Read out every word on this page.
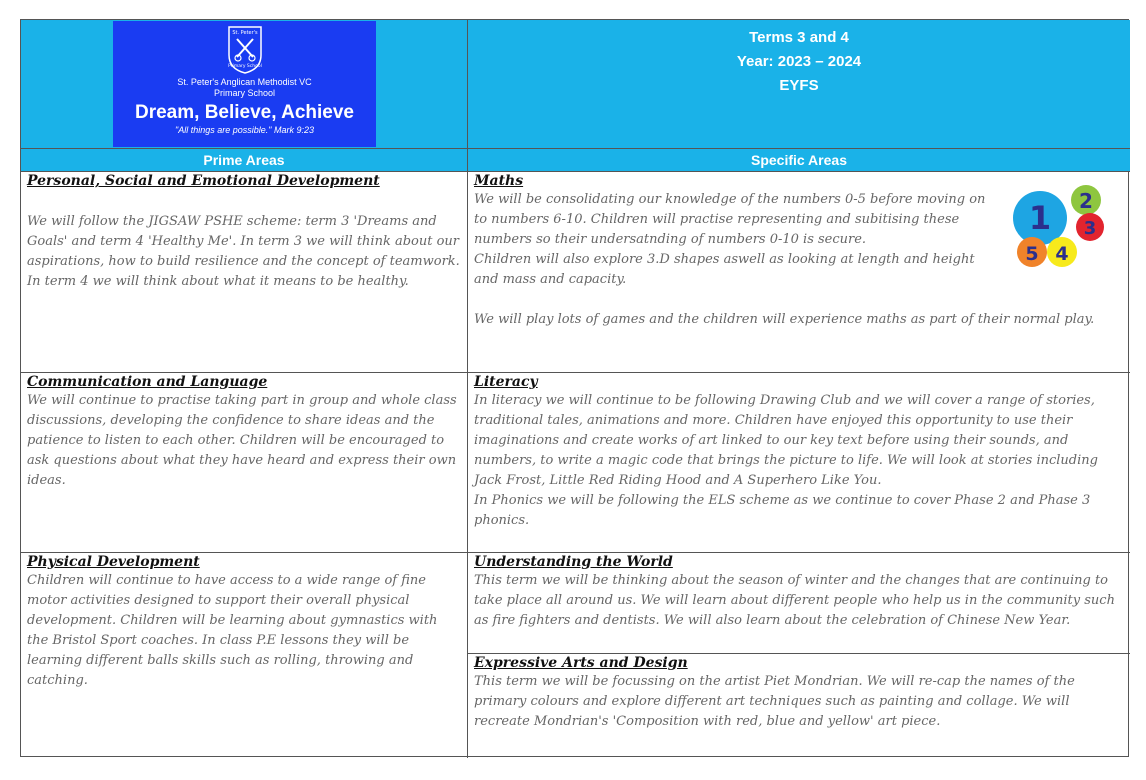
St. Peter's
Primary School
St. Peter's Anglican Methodist VC
Primary School
Dream, Believe, Achieve
"All things are possible." Mark 9:23
Terms 3 and 4
Year: 2023 – 2024
EYFS
Prime Areas	Specific Areas
Personal, Social and Emotional Development
We will follow the JIGSAW PSHE scheme: term 3 'Dreams and Goals' and term 4 'Healthy Me'. In term 3 we will think about our aspirations, how to build resilience and the concept of teamwork. In term 4 we will think about what it means to be healthy.
Maths

We will be consolidating our knowledge of the numbers 0-5 before moving on to numbers 6-10. Children will practise representing and subitising these numbers so their undersatnding of numbers 0-10 is secure.

Children will also explore 3.D shapes aswell as looking at length and height and mass and capacity.

We will play lots of games and the children will experience maths as part of their normal play.
1 2
3
4
5
Communication and Language
We will continue to practise taking part in group and whole class discussions, developing the confidence to share ideas and the patience to listen to each other. Children will be encouraged to ask questions about what they have heard and express their own ideas.
Literacy

In literacy we will continue to be following Drawing Club and we will cover a range of stories, traditional tales, animations and more. Children have enjoyed this opportunity to use their imaginations and create works of art linked to our key text before using their sounds, and numbers, to write a magic code that brings the picture to life. We will look at stories including Jack Frost, Little Red Riding Hood and A Superhero Like You.

In Phonics we will be following the ELS scheme as we continue to cover Phase 2 and Phase 3 phonics.

Physical Development
Children will continue to have access to a wide range of fine motor activities designed to support their overall physical development. Children will be learning about gymnastics with the Bristol Sport coaches. In class P.E lessons they will be learning different balls skills such as rolling, throwing and catching.
Understanding the World
This term we will be thinking about the season of winter and the changes that are continuing to take place all around us. We will learn about different people who help us in the community such as fire fighters and dentists. We will also learn about the celebration of Chinese New Year.
Expressive Arts and Design
This term we will be focussing on the artist Piet Mondrian. We will re-cap the names of the primary colours and explore different art techniques such as painting and collage. We will recreate Mondrian's 'Composition with red, blue and yellow' art piece.
